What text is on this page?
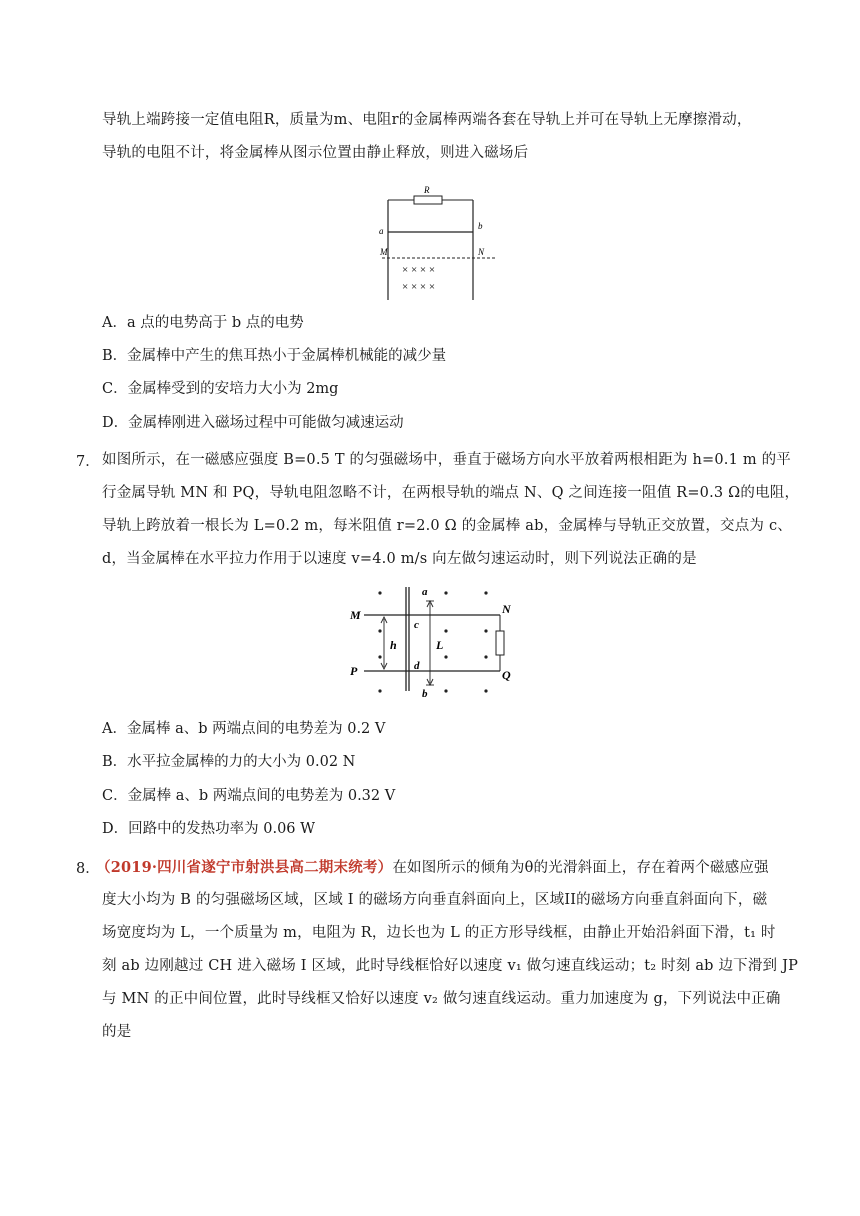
导轨上端跨接一定值电阻R，质量为m、电阻r的金属棒两端各套在导轨上并可在导轨上无摩擦滑动，
导轨的电阻不计，将金属棒从图示位置由静止释放，则进入磁场后
R
a	b
M	N
× × × ×
× × × ×
A．a 点的电势高于 b 点的电势
B．金属棒中产生的焦耳热小于金属棒机械能的减少量
C．金属棒受到的安培力大小为 2mg
D．金属棒刚进入磁场过程中可能做匀减速运动
7． 如图所示，在一磁感应强度 B=0.5 T 的匀强磁场中，垂直于磁场方向水平放着两根相距为 h=0.1 m 的平
行金属导轨 MN 和 PQ，导轨电阻忽略不计，在两根导轨的端点 N、Q 之间连接一阻值 R=0.3 Ω的电阻，
导轨上跨放着一根长为 L=0.2 m，每米阻值 r=2.0 Ω 的金属棒 ab，金属棒与导轨正交放置，交点为 c、
d，当金属棒在水平拉力作用于以速度 v=4.0 m/s 向左做匀速运动时，则下列说法正确的是
M
P
N
Q
a
b
c
d
h	L
A．金属棒 a、b 两端点间的电势差为 0.2 V
B．水平拉金属棒的力的大小为 0.02 N
C．金属棒 a、b 两端点间的电势差为 0.32 V
D．回路中的发热功率为 0.06 W
8．
（2019·四川省遂宁市射洪县高二期末统考）在如图所示的倾角为θ的光滑斜面上，存在着两个磁感应强
度大小均为 B 的匀强磁场区域，区域 I 的磁场方向垂直斜面向上，区域II的磁场方向垂直斜面向下，磁
场宽度均为 L，一个质量为 m，电阻为 R，边长也为 L 的正方形导线框，由静止开始沿斜面下滑，t₁ 时
刻 ab 边刚越过 CH 进入磁场 I 区域，此时导线框恰好以速度 v₁ 做匀速直线运动；t₂ 时刻 ab 边下滑到 JP
与 MN 的正中间位置，此时导线框又恰好以速度 v₂ 做匀速直线运动。重力加速度为 g，下列说法中正确
的是
